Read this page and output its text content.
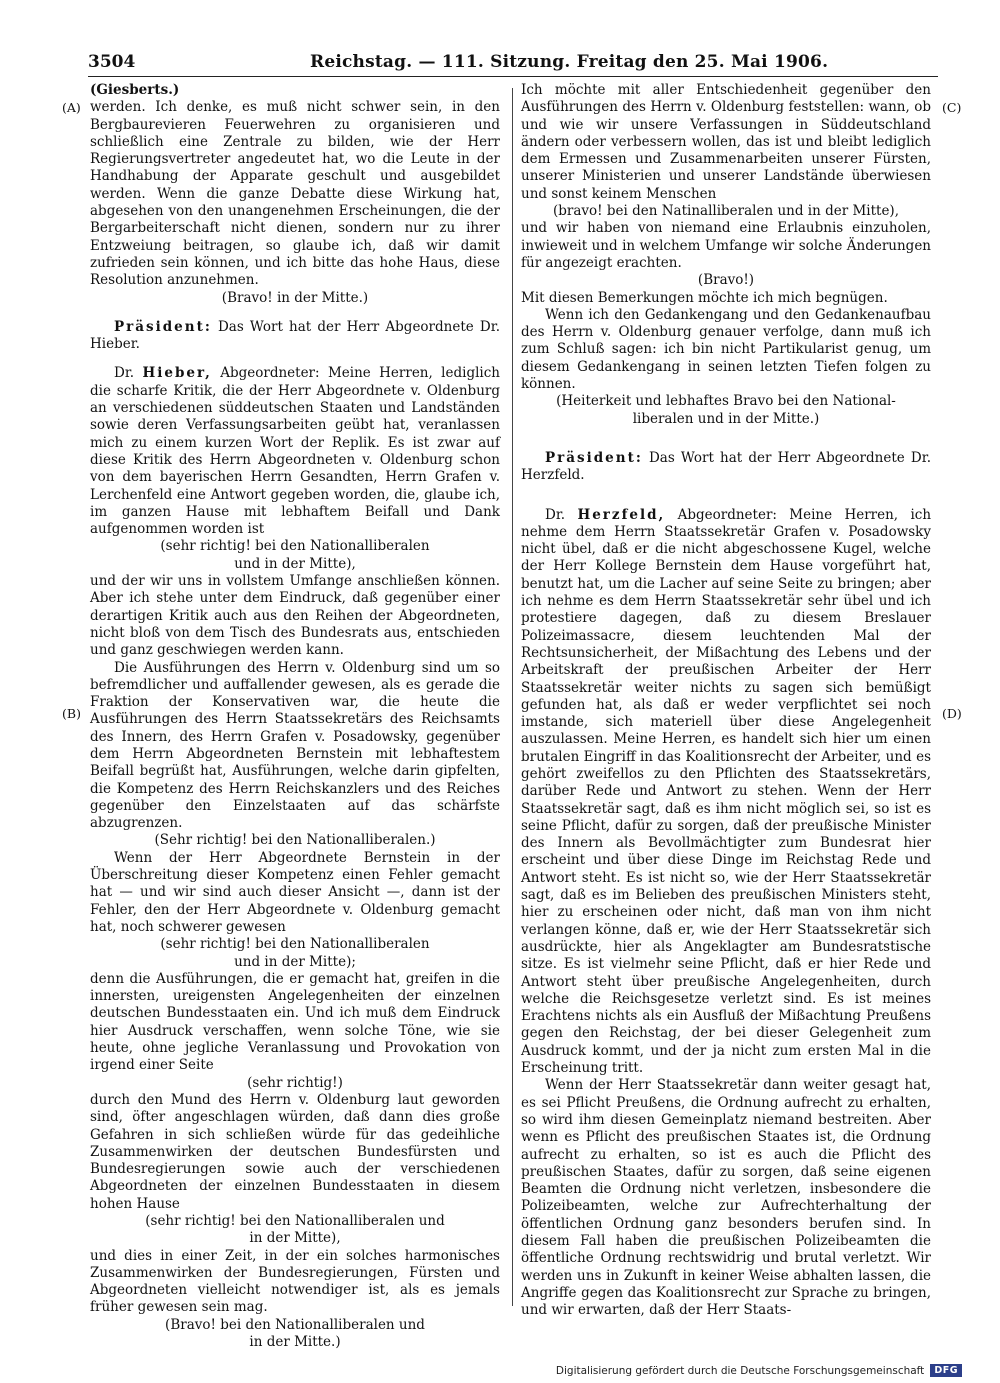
3504	Reichstag. — 111. Sitzung. Freitag den 25. Mai 1906.
(A)
(B)
(C)
(D)

(Giesberts.)

werden. Ich denke, es muß nicht schwer sein, in den Bergbaurevieren Feuerwehren zu organisieren und schließlich eine Zentrale zu bilden, wie der Herr Regierungsvertreter angedeutet hat, wo die Leute in der Handhabung der Apparate geschult und ausgebildet werden. Wenn die ganze Debatte diese Wirkung hat, abgesehen von den unangenehmen Erscheinungen, die der Bergarbeiterschaft nicht dienen, sondern nur zu ihrer Entzweiung beitragen, so glaube ich, daß wir damit zufrieden sein können, und ich bitte das hohe Haus, diese Resolution anzunehmen.

(Bravo! in der Mitte.)

Präsident: Das Wort hat der Herr Abgeordnete Dr. Hieber.

Dr. Hieber, Abgeordneter: Meine Herren, lediglich die scharfe Kritik, die der Herr Abgeordnete v. Oldenburg an verschiedenen süddeutschen Staaten und Landständen sowie deren Verfassungsarbeiten geübt hat, veranlassen mich zu einem kurzen Wort der Replik. Es ist zwar auf diese Kritik des Herrn Abgeordneten v. Oldenburg schon von dem bayerischen Herrn Gesandten, Herrn Grafen v. Lerchenfeld eine Antwort gegeben worden, die, glaube ich, im ganzen Hause mit lebhaftem Beifall und Dank aufgenommen worden ist

(sehr richtig! bei den Nationalliberalen

und in der Mitte),

und der wir uns in vollstem Umfange anschließen können. Aber ich stehe unter dem Eindruck, daß gegenüber einer derartigen Kritik auch aus den Reihen der Abgeordneten, nicht bloß von dem Tisch des Bundesrats aus, entschieden und ganz geschwiegen werden kann.

Die Ausführungen des Herrn v. Oldenburg sind um so befremdlicher und auffallender gewesen, als es gerade die Fraktion der Konservativen war, die heute die Ausführungen des Herrn Staatssekretärs des Reichsamts des Innern, des Herrn Grafen v. Posadowsky, gegenüber dem Herrn Abgeordneten Bernstein mit lebhaftestem Beifall begrüßt hat, Ausführungen, welche darin gipfelten, die Kompetenz des Herrn Reichskanzlers und des Reiches gegenüber den Einzelstaaten auf das schärfste abzugrenzen.

(Sehr richtig! bei den Nationalliberalen.)

Wenn der Herr Abgeordnete Bernstein in der Überschreitung dieser Kompetenz einen Fehler gemacht hat — und wir sind auch dieser Ansicht —, dann ist der Fehler, den der Herr Abgeordnete v. Oldenburg gemacht hat, noch schwerer gewesen

(sehr richtig! bei den Nationalliberalen

und in der Mitte);

denn die Ausführungen, die er gemacht hat, greifen in die innersten, ureigensten Angelegenheiten der einzelnen deutschen Bundesstaaten ein. Und ich muß dem Eindruck hier Ausdruck verschaffen, wenn solche Töne, wie sie heute, ohne jegliche Veranlassung und Provokation von irgend einer Seite

(sehr richtig!)

durch den Mund des Herrn v. Oldenburg laut geworden sind, öfter angeschlagen würden, daß dann dies große Gefahren in sich schließen würde für das gedeihliche Zusammenwirken der deutschen Bundesfürsten und Bundesregierungen sowie auch der verschiedenen Abgeordneten der einzelnen Bundesstaaten in diesem hohen Hause

(sehr richtig! bei den Nationalliberalen und

in der Mitte),

und dies in einer Zeit, in der ein solches harmonisches Zusammenwirken der Bundesregierungen, Fürsten und Abgeordneten vielleicht notwendiger ist, als es jemals früher gewesen sein mag.

(Bravo! bei den Nationalliberalen und

in der Mitte.)

Ich möchte mit aller Entschiedenheit gegenüber den Ausführungen des Herrn v. Oldenburg feststellen: wann, ob und wie wir unsere Verfassungen in Süddeutschland ändern oder verbessern wollen, das ist und bleibt lediglich dem Ermessen und Zusammenarbeiten unserer Fürsten, unserer Ministerien und unserer Landstände überwiesen und sonst keinem Menschen

(bravo! bei den Natinalliberalen und in der Mitte),

und wir haben von niemand eine Erlaubnis einzuholen, inwieweit und in welchem Umfange wir solche Änderungen für angezeigt erachten.

(Bravo!)

Mit diesen Bemerkungen möchte ich mich begnügen.

Wenn ich den Gedankengang und den Gedankenaufbau des Herrn v. Oldenburg genauer verfolge, dann muß ich zum Schluß sagen: ich bin nicht Partikularist genug, um diesem Gedankengang in seinen letzten Tiefen folgen zu können.

(Heiterkeit und lebhaftes Bravo bei den National-

liberalen und in der Mitte.)

Präsident: Das Wort hat der Herr Abgeordnete Dr. Herzfeld.

Dr. Herzfeld, Abgeordneter: Meine Herren, ich nehme dem Herrn Staatssekretär Grafen v. Posadowsky nicht übel, daß er die nicht abgeschossene Kugel, welche der Herr Kollege Bernstein dem Hause vorgeführt hat, benutzt hat, um die Lacher auf seine Seite zu bringen; aber ich nehme es dem Herrn Staatssekretär sehr übel und ich protestiere dagegen, daß zu diesem Breslauer Polizeimassacre, diesem leuchtenden Mal der Rechtsunsicherheit, der Mißachtung des Lebens und der Arbeitskraft der preußischen Arbeiter der Herr Staatssekretär weiter nichts zu sagen sich bemüßigt gefunden hat, als daß er weder verpflichtet sei noch imstande, sich materiell über diese Angelegenheit auszulassen. Meine Herren, es handelt sich hier um einen brutalen Eingriff in das Koalitionsrecht der Arbeiter, und es gehört zweifellos zu den Pflichten des Staatssekretärs, darüber Rede und Antwort zu stehen. Wenn der Herr Staatssekretär sagt, daß es ihm nicht möglich sei, so ist es seine Pflicht, dafür zu sorgen, daß der preußische Minister des Innern als Bevollmächtigter zum Bundesrat hier erscheint und über diese Dinge im Reichstag Rede und Antwort steht. Es ist nicht so, wie der Herr Staatssekretär sagt, daß es im Belieben des preußischen Ministers steht, hier zu erscheinen oder nicht, daß man von ihm nicht verlangen könne, daß er, wie der Herr Staatssekretär sich ausdrückte, hier als Angeklagter am Bundesratstische sitze. Es ist vielmehr seine Pflicht, daß er hier Rede und Antwort steht über preußische Angelegenheiten, durch welche die Reichsgesetze verletzt sind. Es ist meines Erachtens nichts als ein Ausfluß der Mißachtung Preußens gegen den Reichstag, der bei dieser Gelegenheit zum Ausdruck kommt, und der ja nicht zum ersten Mal in die Erscheinung tritt.

Wenn der Herr Staatssekretär dann weiter gesagt hat, es sei Pflicht Preußens, die Ordnung aufrecht zu erhalten, so wird ihm diesen Gemeinplatz niemand bestreiten. Aber wenn es Pflicht des preußischen Staates ist, die Ordnung aufrecht zu erhalten, so ist es auch die Pflicht des preußischen Staates, dafür zu sorgen, daß seine eigenen Beamten die Ordnung nicht verletzen, insbesondere die Polizeibeamten, welche zur Aufrechterhaltung der öffentlichen Ordnung ganz besonders berufen sind. In diesem Fall haben die preußischen Polizeibeamten die öffentliche Ordnung rechtswidrig und brutal verletzt. Wir werden uns in Zukunft in keiner Weise abhalten lassen, die Angriffe gegen das Koalitionsrecht zur Sprache zu bringen, und wir erwarten, daß der Herr Staats-

Digitalisierung gefördert durch die Deutsche Forschungsgemeinschaft	DFG
